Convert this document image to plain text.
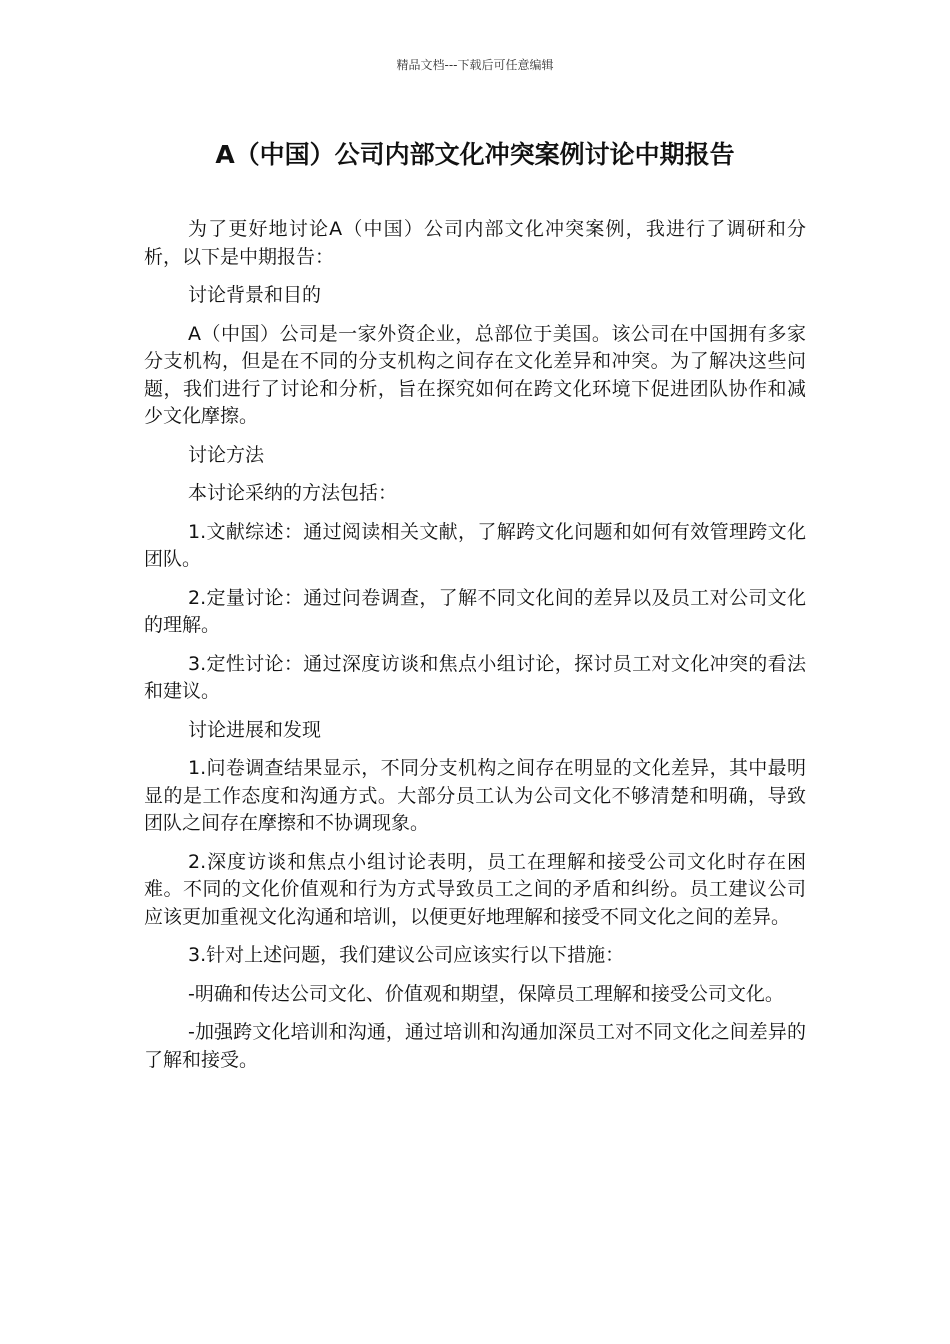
精品文档---下载后可任意编辑
A（中国）公司内部文化冲突案例讨论中期报告

为了更好地讨论A（中国）公司内部文化冲突案例，我进行了调研和分析，以下是中期报告：

讨论背景和目的

A（中国）公司是一家外资企业，总部位于美国。该公司在中国拥有多家分支机构，但是在不同的分支机构之间存在文化差异和冲突。为了解决这些问题，我们进行了讨论和分析，旨在探究如何在跨文化环境下促进团队协作和减少文化摩擦。

讨论方法

本讨论采纳的方法包括：

1.文献综述：通过阅读相关文献，了解跨文化问题和如何有效管理跨文化团队。

2.定量讨论：通过问卷调查，了解不同文化间的差异以及员工对公司文化的理解。

3.定性讨论：通过深度访谈和焦点小组讨论，探讨员工对文化冲突的看法和建议。

讨论进展和发现

1.问卷调查结果显示，不同分支机构之间存在明显的文化差异，其中最明显的是工作态度和沟通方式。大部分员工认为公司文化不够清楚和明确，导致团队之间存在摩擦和不协调现象。

2.深度访谈和焦点小组讨论表明，员工在理解和接受公司文化时存在困难。不同的文化价值观和行为方式导致员工之间的矛盾和纠纷。员工建议公司应该更加重视文化沟通和培训，以便更好地理解和接受不同文化之间的差异。

3.针对上述问题，我们建议公司应该实行以下措施：

-明确和传达公司文化、价值观和期望，保障员工理解和接受公司文化。

-加强跨文化培训和沟通，通过培训和沟通加深员工对不同文化之间差异的了解和接受。
